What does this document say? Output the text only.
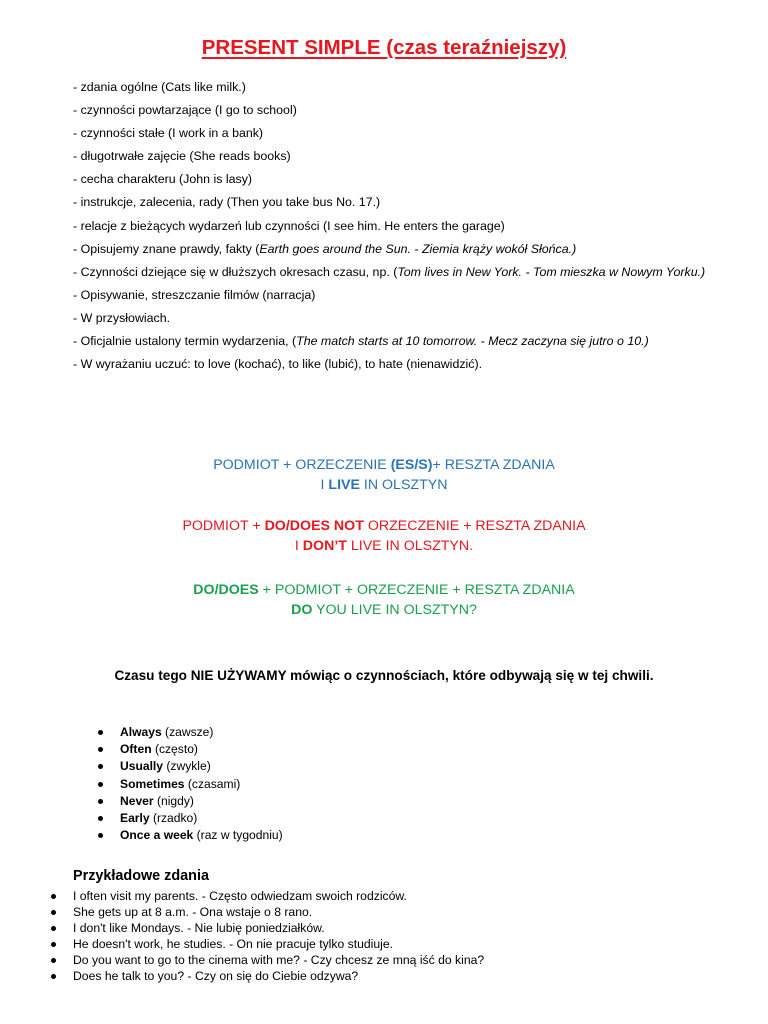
PRESENT SIMPLE (czas teraźniejszy)
- zdania ogólne (Cats like milk.)
- czynności powtarzające (I go to school)
- czynności stałe (I work in a bank)
- długotrwałe zajęcie (She reads books)
- cecha charakteru (John is lasy)
- instrukcje, zalecenia, rady (Then you take bus No. 17.)
- relacje z bieżących wydarzeń lub czynności (I see him. He enters the garage)
- Opisujemy znane prawdy, fakty (Earth goes around the Sun. - Ziemia krąży wokół Słońca.)
- Czynności dziejące się w dłuższych okresach czasu, np. (Tom lives in New York. - Tom mieszka w Nowym Yorku.)
- Opisywanie, streszczanie filmów (narracja)
- W przysłowiach.
- Oficjalnie ustalony termin wydarzenia, (The match starts at 10 tomorrow. - Mecz zaczyna się jutro o 10.)
- W wyrażaniu uczuć: to love (kochać), to like (lubić), to hate (nienawidzić).
PODMIOT + ORZECZENIE (ES/S)+ RESZTA ZDANIA
I LIVE IN OLSZTYN
PODMIOT + DO/DOES NOT ORZECZENIE + RESZTA ZDANIA
I DON’T LIVE IN OLSZTYN.
DO/DOES + PODMIOT + ORZECZENIE + RESZTA ZDANIA
DO YOU LIVE IN OLSZTYN?
Czasu tego NIE UŻYWAMY mówiąc o czynnościach, które odbywają się w tej chwili.
Always (zawsze)
Often (często)
Usually (zwykle)
Sometimes (czasami)
Never (nigdy)
Early (rzadko)
Once a week (raz w tygodniu)
Przykładowe zdania
I often visit my parents. - Często odwiedzam swoich rodziców.
She gets up at 8 a.m. - Ona wstaje o 8 rano.
I don't like Mondays. - Nie lubię poniedziałków.
He doesn't work, he studies. - On nie pracuje tylko studiuje.
Do you want to go to the cinema with me? - Czy chcesz ze mną iść do kina?
Does he talk to you? - Czy on się do Ciebie odzywa?
